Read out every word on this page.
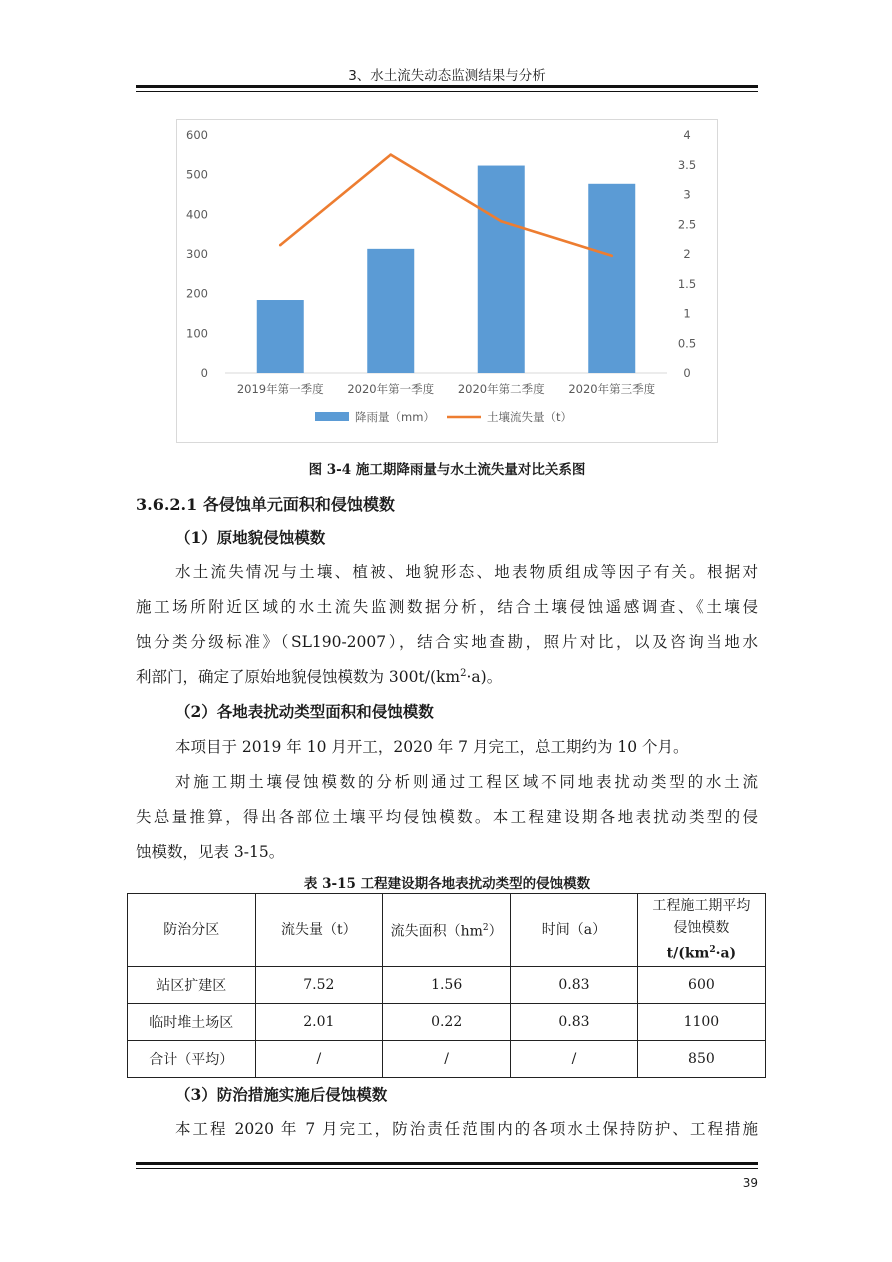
3、水土流失动态监测结果与分析
0
100
200
300
400
500
600
0
0.5
1
1.5
2
2.5
3
3.5
4
2019年第一季度 2020年第一季度 2020年第二季度 2020年第三季度
降雨量（mm）	土壤流失量（t）
图 3-4 施工期降雨量与水土流失量对比关系图
3.6.2.1 各侵蚀单元面积和侵蚀模数
（1）原地貌侵蚀模数
水土流失情况与土壤、植被、地貌形态、地表物质组成等因子有关。根据对
施工场所附近区域的水土流失监测数据分析，结合土壤侵蚀遥感调查、《土壤侵
蚀分类分级标准》（SL190-2007），结合实地查勘，照片对比，以及咨询当地水
利部门，确定了原始地貌侵蚀模数为 $300t/(km^2\cdot a)$。
（2）各地表扰动类型面积和侵蚀模数
本项目于 2019 年 10 月开工，2020 年 7 月完工，总工期约为 10 个月。
对施工期土壤侵蚀模数的分析则通过工程区域不同地表扰动类型的水土流
失总量推算，得出各部位土壤平均侵蚀模数。本工程建设期各地表扰动类型的侵
蚀模数，见表 3-15。
表 3-15 工程建设期各地表扰动类型的侵蚀模数
防治分区	流失量（t）	流失面积$(hm^2)$	时间（a）	工程施工期平均
侵蚀模数
$t/(km^2\cdot a)$

站区扩建区	7.52	1.56	0.83	600
临时堆土场区	2.01	0.22	0.83	1100
合计（平均）	/	/	/	850
（3）防治措施实施后侵蚀模数
本工程 2020 年 7 月完工，防治责任范围内的各项水土保持防护、工程措施
39
